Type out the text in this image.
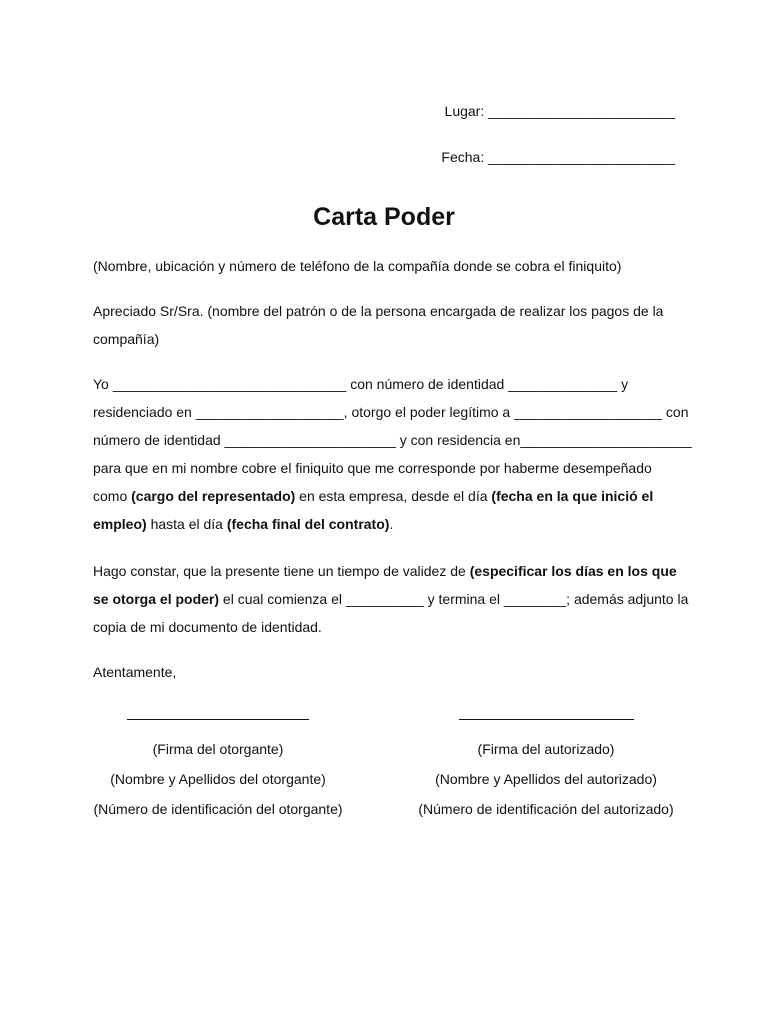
Lugar: ________________________
Fecha: ________________________
Carta Poder

(Nombre, ubicación y número de teléfono de la compañía donde se cobra el finiquito)

Apreciado Sr/Sra. (nombre del patrón o de la persona encargada de realizar los pagos de la
compañía)

Yo ______________________________ con número de identidad ______________ y
residenciado en ___________________, otorgo el poder legítimo a ___________________ con
número de identidad ______________________ y con residencia en______________________
para que en mi nombre cobre el finiquito que me corresponde por haberme desempeñado
como (cargo del representado) en esta empresa, desde el día (fecha en la que inició el
empleo) hasta el día (fecha final del contrato).

Hago constar, que la presente tiene un tiempo de validez de (especificar los días en los que
se otorga el poder) el cual comienza el __________ y termina el ________; además adjunto la
copia de mi documento de identidad.

Atentamente,

(Firma del otorgante)
(Nombre y Apellidos del otorgante)
(Número de identificación del otorgante)
(Firma del autorizado)
(Nombre y Apellidos del autorizado)
(Número de identificación del autorizado)
